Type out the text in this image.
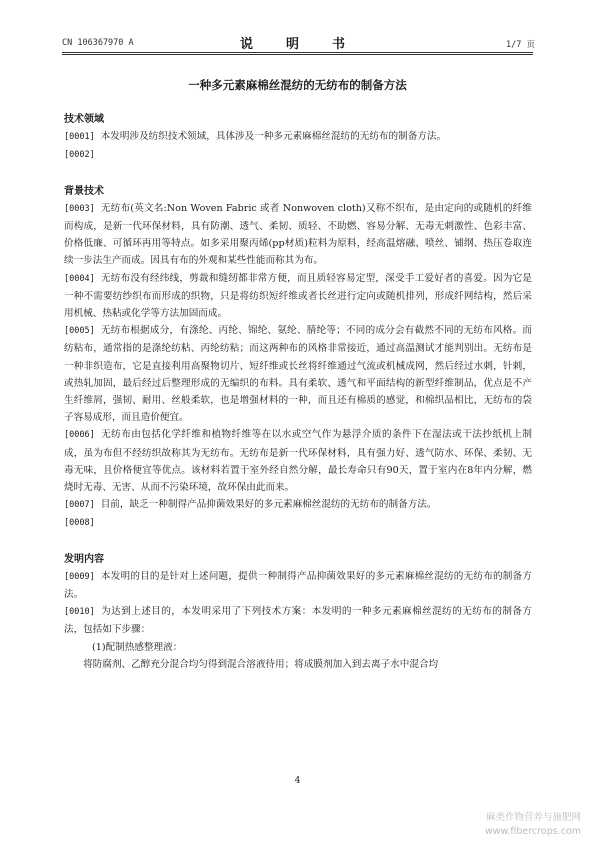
CN 106367970 A	说　明　书	1/7 页
一种多元素麻棉丝混纺的无纺布的制备方法
技术领域
[0001] 本发明涉及纺织技术领域，具体涉及一种多元素麻棉丝混纺的无纺布的制备方法。
[0002]
背景技术
[0003] 无纺布(英文名:Non Woven Fabric 或者 Nonwoven cloth)又称不织布，是由定向的或随机的纤维而构成，是新一代环保材料，具有防潮、透气、柔韧、质轻、不助燃、容易分解、无毒无刺激性、色彩丰富、价格低廉、可循环再用等特点。如多采用聚丙烯(pp材质)粒料为原料，经高温熔融、喷丝、铺纲、热压卷取连续一步法生产而成。因具有布的外观和某些性能而称其为布。
[0004] 无纺布没有经纬线，剪裁和缝纫都非常方便，而且质轻容易定型，深受手工爱好者的喜爱。因为它是一种不需要纺纱织布而形成的织物，只是将纺织短纤维或者长丝进行定向或随机排列，形成纤网结构，然后采用机械、热粘或化学等方法加固而成。
[0005] 无纺布根据成分，有涤纶、丙纶、锦纶、氨纶、腈纶等；不同的成分会有截然不同的无纺布风格。而纺粘布，通常指的是涤纶纺粘、丙纶纺粘；而这两种布的风格非常接近，通过高温测试才能判别出。无纺布是一种非织造布，它是直接利用高聚物切片、短纤维或长丝将纤维通过气流或机械成网，然后经过水刺，针刺，或热轧加固，最后经过后整理形成的无编织的布料。具有柔软、透气和平面结构的新型纤维制品，优点是不产生纤维屑，强韧、耐用、丝般柔软，也是增强材料的一种，而且还有棉质的感觉，和棉织品相比，无纺布的袋子容易成形，而且造价便宜。
[0006] 无纺布由包括化学纤维和植物纤维等在以水或空气作为悬浮介质的条件下在湿法或干法抄纸机上制成，虽为布但不经纺织故称其为无纺布。无纺布是新一代环保材料，具有强力好、透气防水、环保、柔韧、无毒无味，且价格便宜等优点。该材料若置于室外经自然分解，最长寿命只有90天，置于室内在8年内分解，燃烧时无毒、无害、从而不污染环境，故环保由此而来。
[0007] 目前，缺乏一种制得产品抑菌效果好的多元素麻棉丝混纺的无纺布的制备方法。
[0008]
发明内容
[0009] 本发明的目的是针对上述问题，提供一种制得产品抑菌效果好的多元素麻棉丝混纺的无纺布的制备方法。
[0010] 为达到上述目的，本发明采用了下列技术方案：本发明的一种多元素麻棉丝混纺的无纺布的制备方法，包括如下步骤：
(1)配制热感整理液：
将防腐剂、乙醇充分混合均匀得到混合溶液待用；将成膜剂加入到去离子水中混合均
4
麻类作物营养与施肥网
www.fibercrops.com
